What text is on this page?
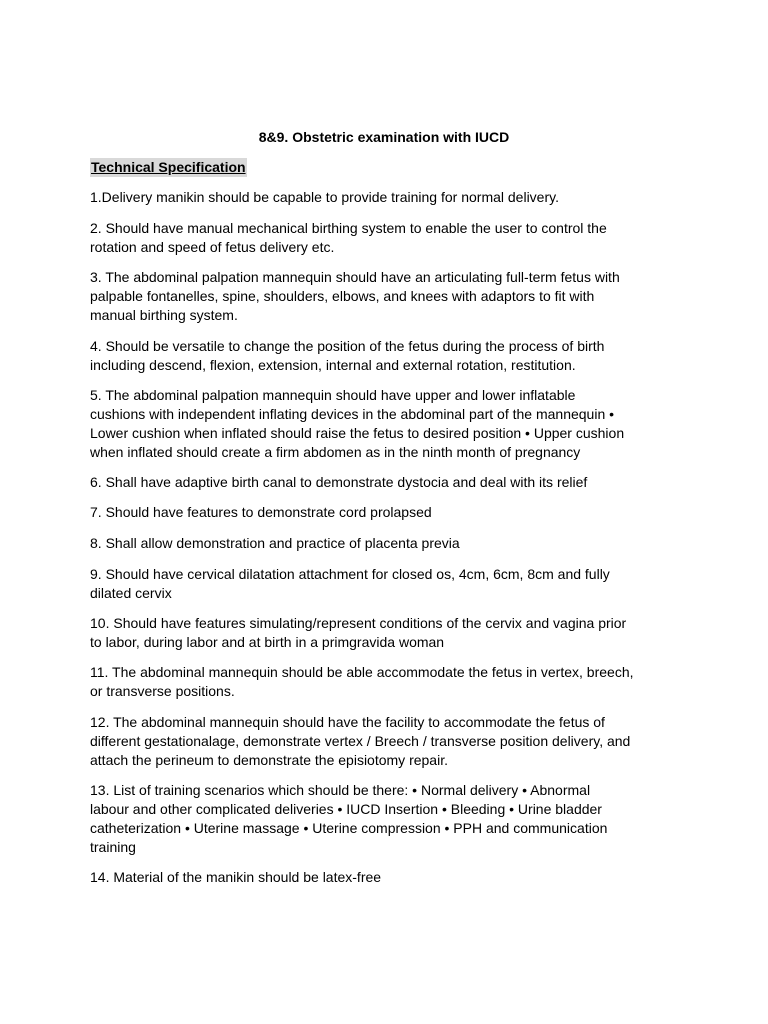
8&9. Obstetric examination with IUCD
Technical Specification

1.Delivery manikin should be capable to provide training for normal delivery.

2. Should have manual mechanical birthing system to enable the user to control the
rotation and speed of fetus delivery etc.

3. The abdominal palpation mannequin should have an articulating full-term fetus with
palpable fontanelles, spine, shoulders, elbows, and knees with adaptors to fit with
manual birthing system.

4. Should be versatile to change the position of the fetus during the process of birth
including descend, flexion, extension, internal and external rotation, restitution.

5. The abdominal palpation mannequin should have upper and lower inflatable
cushions with independent inflating devices in the abdominal part of the mannequin •
Lower cushion when inflated should raise the fetus to desired position • Upper cushion
when inflated should create a firm abdomen as in the ninth month of pregnancy

6. Shall have adaptive birth canal to demonstrate dystocia and deal with its relief

7. Should have features to demonstrate cord prolapsed

8. Shall allow demonstration and practice of placenta previa

9. Should have cervical dilatation attachment for closed os, 4cm, 6cm, 8cm and fully
dilated cervix

10. Should have features simulating/represent conditions of the cervix and vagina prior
to labor, during labor and at birth in a primgravida woman

11. The abdominal mannequin should be able accommodate the fetus in vertex, breech,
or transverse positions.

12. The abdominal mannequin should have the facility to accommodate the fetus of
different gestationalage, demonstrate vertex / Breech / transverse position delivery, and
attach the perineum to demonstrate the episiotomy repair.

13. List of training scenarios which should be there: • Normal delivery • Abnormal
labour and other complicated deliveries • IUCD Insertion • Bleeding • Urine bladder
catheterization • Uterine massage • Uterine compression • PPH and communication
training

14. Material of the manikin should be latex-free
